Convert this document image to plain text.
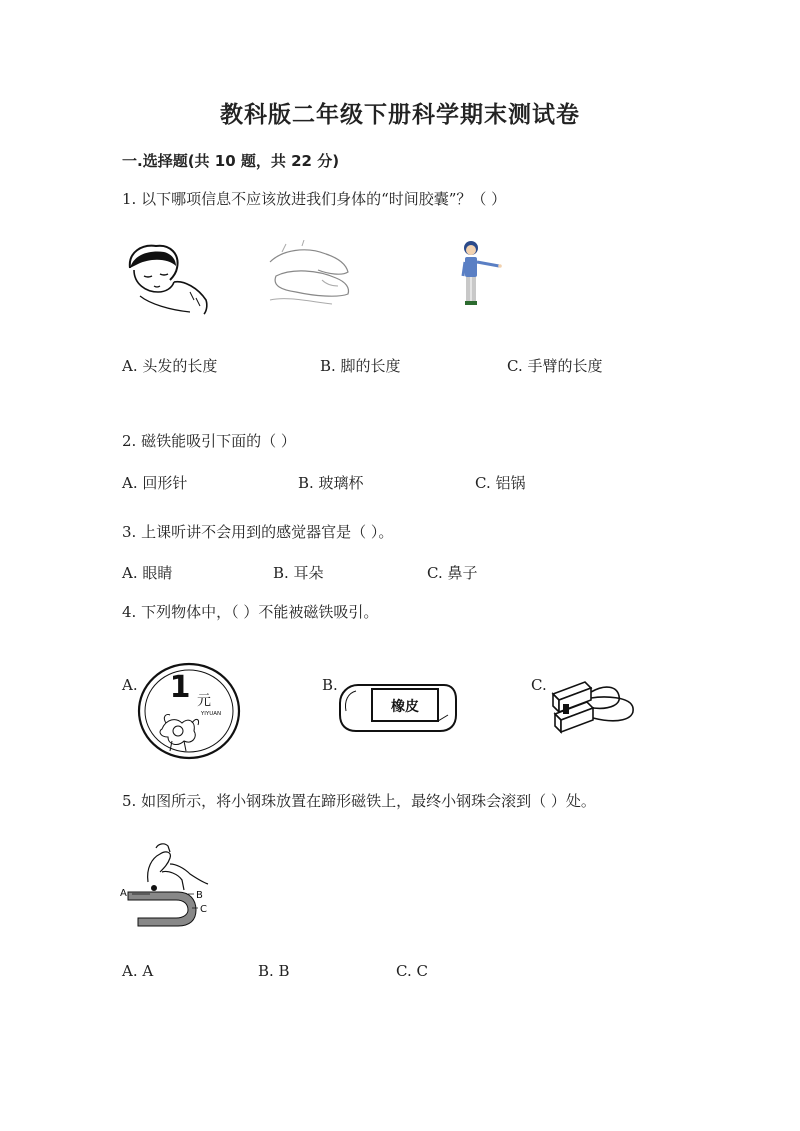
教科版二年级下册科学期末测试卷
一.选择题(共 10 题，共 22 分)
1. 以下哪项信息不应该放进我们身体的“时间胶囊”？（ ）
A. 头发的长度	B. 脚的长度	C. 手臂的长度
2. 磁铁能吸引下面的（ ）
A. 回形针	B. 玻璃杯	C. 铝锅
3. 上课听讲不会用到的感觉器官是（ ）。
A. 眼睛	B. 耳朵	C. 鼻子
4. 下列物体中，（ ）不能被磁铁吸引。
A. 1 元
YIYUAN
B.
橡皮
C.
5. 如图所示，将小钢珠放置在蹄形磁铁上，最终小钢珠会滚到（ ）处。
A	B
C
A. A	B. B	C. C
